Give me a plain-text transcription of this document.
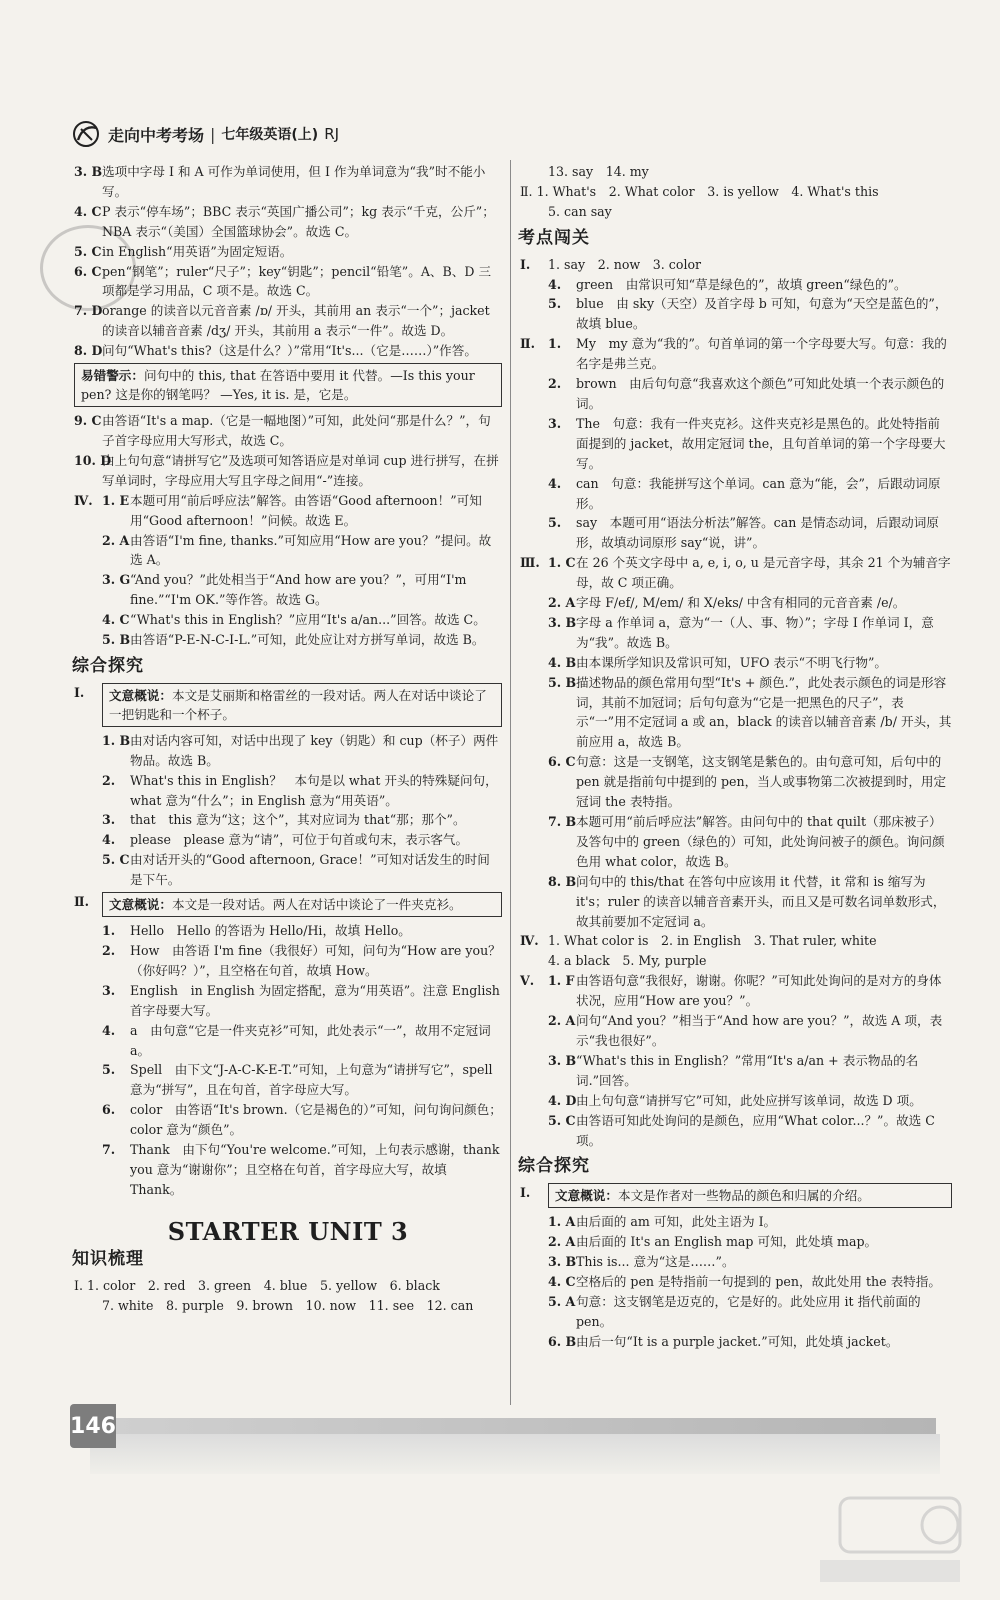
走向中考考场 | 七年级英语(上) RJ
3. B 选项中字母 I 和 A 可作为单词使用，但 I 作为单词意为“我”时不能小写。
4. C P 表示“停车场”；BBC 表示“英国广播公司”；kg 表示“千克，公斤”；NBA 表示“（美国）全国篮球协会”。故选 C。
5. C in English“用英语”为固定短语。
6. C pen“钢笔”；ruler“尺子”；key“钥匙”；pencil“铅笔”。A、B、D 三项都是学习用品，C 项不是。故选 C。
7. D orange 的读音以元音音素 /ɒ/ 开头，其前用 an 表示“一个”；jacket 的读音以辅音音素 /dʒ/ 开头，其前用 a 表示“一件”。故选 D。
8. D 问句“What's this?（这是什么？）”常用“It's...（它是……）”作答。
易错警示：问句中的 this, that 在答语中要用 it 代替。—Is this your pen? 这是你的钢笔吗？ —Yes, it is. 是，它是。
9. C 由答语“It's a map.（它是一幅地图）”可知，此处问“那是什么？”，句子首字母应用大写形式，故选 C。
10. D
由上句句意“请拼写它”及选项可知答语应是对单词 cup 进行拼写，在拼写单词时，字母应用大写且字母之间用“-”连接。
Ⅳ. 1. E 本题可用“前后呼应法”解答。由答语“Good afternoon！”可知用“Good afternoon！”问候。故选 E。
2. A 由答语“I'm fine, thanks.”可知应用“How are you？”提问。故选 A。
3. G “And you？”此处相当于“And how are you？”，可用“I'm fine.”“I'm OK.”等作答。故选 G。
4. C “What's this in English？”应用“It's a/an...”回答。故选 C。
5. B 由答语“P-E-N-C-I-L.”可知，此处应让对方拼写单词，故选 B。
综合探究
Ⅰ.	文意概说：本文是艾丽斯和格雷丝的一段对话。两人在对话中谈论了一把钥匙和一个杯子。
1. B 由对话内容可知，对话中出现了 key（钥匙）和 cup（杯子）两件物品。故选 B。
2. What's this in English？　本句是以 what 开头的特殊疑问句，what 意为“什么”；in English 意为“用英语”。
3. that　this 意为“这；这个”，其对应词为 that“那；那个”。
4. please　please 意为“请”，可位于句首或句末，表示客气。
5. C 由对话开头的“Good afternoon, Grace！”可知对话发生的时间是下午。
Ⅱ.	文意概说：本文是一段对话。两人在对话中谈论了一件夹克衫。
1. Hello　Hello 的答语为 Hello/Hi，故填 Hello。
2. How　由答语 I'm fine（我很好）可知，问句为“How are you？（你好吗？）”，且空格在句首，故填 How。
3. English　in English 为固定搭配，意为“用英语”。注意 English 首字母要大写。
4. a　由句意“它是一件夹克衫”可知，此处表示“一”，故用不定冠词 a。
5. Spell　由下文“J-A-C-K-E-T.”可知，上句意为“请拼写它”，spell 意为“拼写”，且在句首，首字母应大写。
6. color　由答语“It's brown.（它是褐色的）”可知，问句询问颜色；color 意为“颜色”。
7. Thank　由下句“You're welcome.”可知，上句表示感谢，thank you 意为“谢谢你”；且空格在句首，首字母应大写，故填 Thank。
STARTER UNIT 3
知识梳理
Ⅰ. 1. color　2. red　3. green　4. blue　5. yellow　6. black
7. white　8. purple　9. brown　10. now　11. see　12. can
13. say　14. my
Ⅱ. 1. What's　2. What color　3. is yellow　4. What's this
5. can say
考点闯关
Ⅰ. 1. say　2. now　3. color
4. green　由常识可知“草是绿色的”，故填 green“绿色的”。
5. blue　由 sky（天空）及首字母 b 可知，句意为“天空是蓝色的”，故填 blue。
Ⅱ. 1. My　my 意为“我的”。句首单词的第一个字母要大写。句意：我的名字是弗兰克。
2. brown　由后句句意“我喜欢这个颜色”可知此处填一个表示颜色的词。
3. The　句意：我有一件夹克衫。这件夹克衫是黑色的。此处特指前面提到的 jacket，故用定冠词 the，且句首单词的第一个字母要大写。
4. can　句意：我能拼写这个单词。can 意为“能，会”，后跟动词原形。
5. say　本题可用“语法分析法”解答。can 是情态动词，后跟动词原形，故填动词原形 say“说，讲”。
Ⅲ. 1. C 在 26 个英文字母中 a, e, i, o, u 是元音字母，其余 21 个为辅音字母，故 C 项正确。
2. A 字母 F/ef/, M/em/ 和 X/eks/ 中含有相同的元音音素 /e/。
3. B 字母 a 作单词 a，意为“一（人、事、物）”；字母 I 作单词 I，意为“我”。故选 B。
4. B 由本课所学知识及常识可知，UFO 表示“不明飞行物”。
5. B 描述物品的颜色常用句型“It's + 颜色.”，此处表示颜色的词是形容词，其前不加冠词；后句句意为“它是一把黑色的尺子”，表示“一”用不定冠词 a 或 an，black 的读音以辅音音素 /b/ 开头，其前应用 a，故选 B。
6. C 句意：这是一支钢笔，这支钢笔是紫色的。由句意可知，后句中的 pen 就是指前句中提到的 pen，当人或事物第二次被提到时，用定冠词 the 表特指。
7. B 本题可用“前后呼应法”解答。由问句中的 that quilt（那床被子）及答句中的 green（绿色的）可知，此处询问被子的颜色。询问颜色用 what color，故选 B。
8. B 问句中的 this/that 在答句中应该用 it 代替，it 常和 is 缩写为 it's；ruler 的读音以辅音音素开头，而且又是可数名词单数形式，故其前要加不定冠词 a。
Ⅳ. 1. What color is　2. in English　3. That ruler, white
4. a black　5. My, purple
Ⅴ. 1. F 由答语句意“我很好，谢谢。你呢？”可知此处询问的是对方的身体状况，应用“How are you？”。
2. A 问句“And you？”相当于“And how are you？”，故选 A 项，表示“我也很好”。
3. B “What's this in English？”常用“It's a/an + 表示物品的名词.”回答。
4. D 由上句句意“请拼写它”可知，此处应拼写该单词，故选 D 项。
5. C 由答语可知此处询问的是颜色，应用“What color...？”。故选 C 项。
综合探究
Ⅰ.	文意概说：本文是作者对一些物品的颜色和归属的介绍。
1. A 由后面的 am 可知，此处主语为 I。
2. A 由后面的 It's an English map 可知，此处填 map。
3. B This is... 意为“这是……”。
4. C 空格后的 pen 是特指前一句提到的 pen，故此处用 the 表特指。
5. A 句意：这支钢笔是迈克的，它是好的。此处应用 it 指代前面的 pen。
6. B 由后一句“It is a purple jacket.”可知，此处填 jacket。
146
